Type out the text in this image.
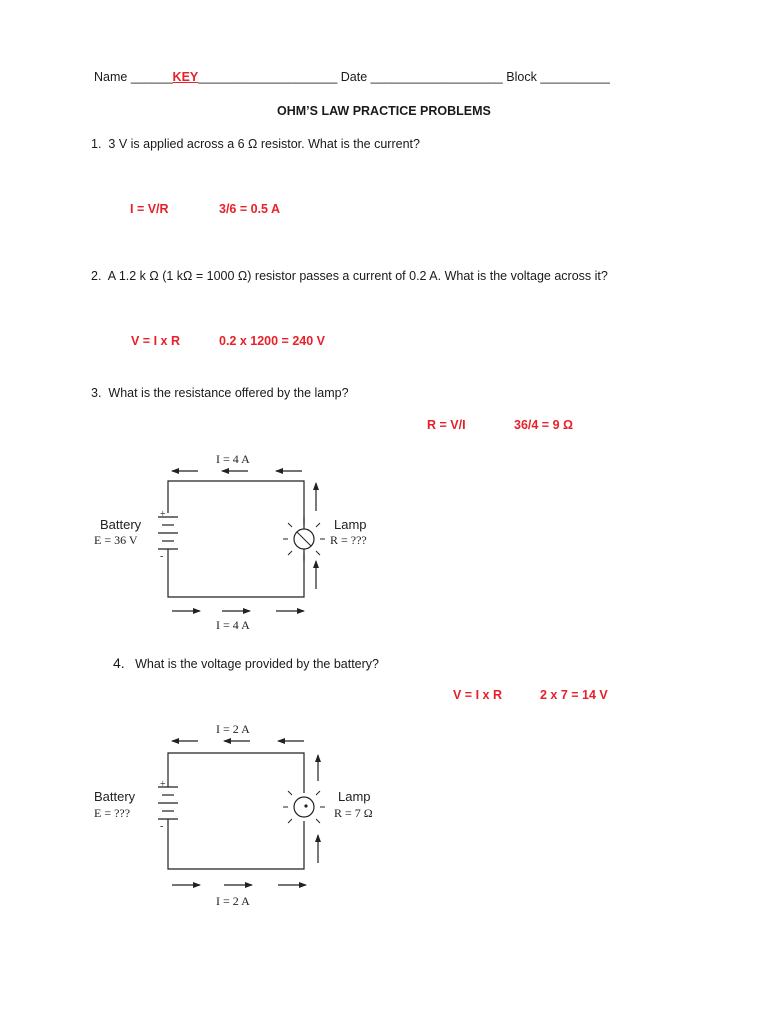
Name ______KEY____________________ Date ___________________ Block __________
OHM’S LAW PRACTICE PROBLEMS
1. 3 V is applied across a 6 Ω resistor. What is the current?
I = V/R	3/6 = 0.5 A
2. A 1.2 k Ω (1 kΩ = 1000 Ω) resistor passes a current of 0.2 A. What is the voltage across it?
V = I x R	0.2 x 1200 = 240 V
3. What is the resistance offered by the lamp?
R = V/I	36/4 = 9 Ω
+
-
I = 4 A
I = 4 A
Battery
E = 36 V
Lamp
R = ???
4. What is the voltage provided by the battery?
V = I x R	2 x 7 = 14 V
+
-
I = 2 A
I = 2 A
Battery
E = ???
Lamp
R = 7 Ω
